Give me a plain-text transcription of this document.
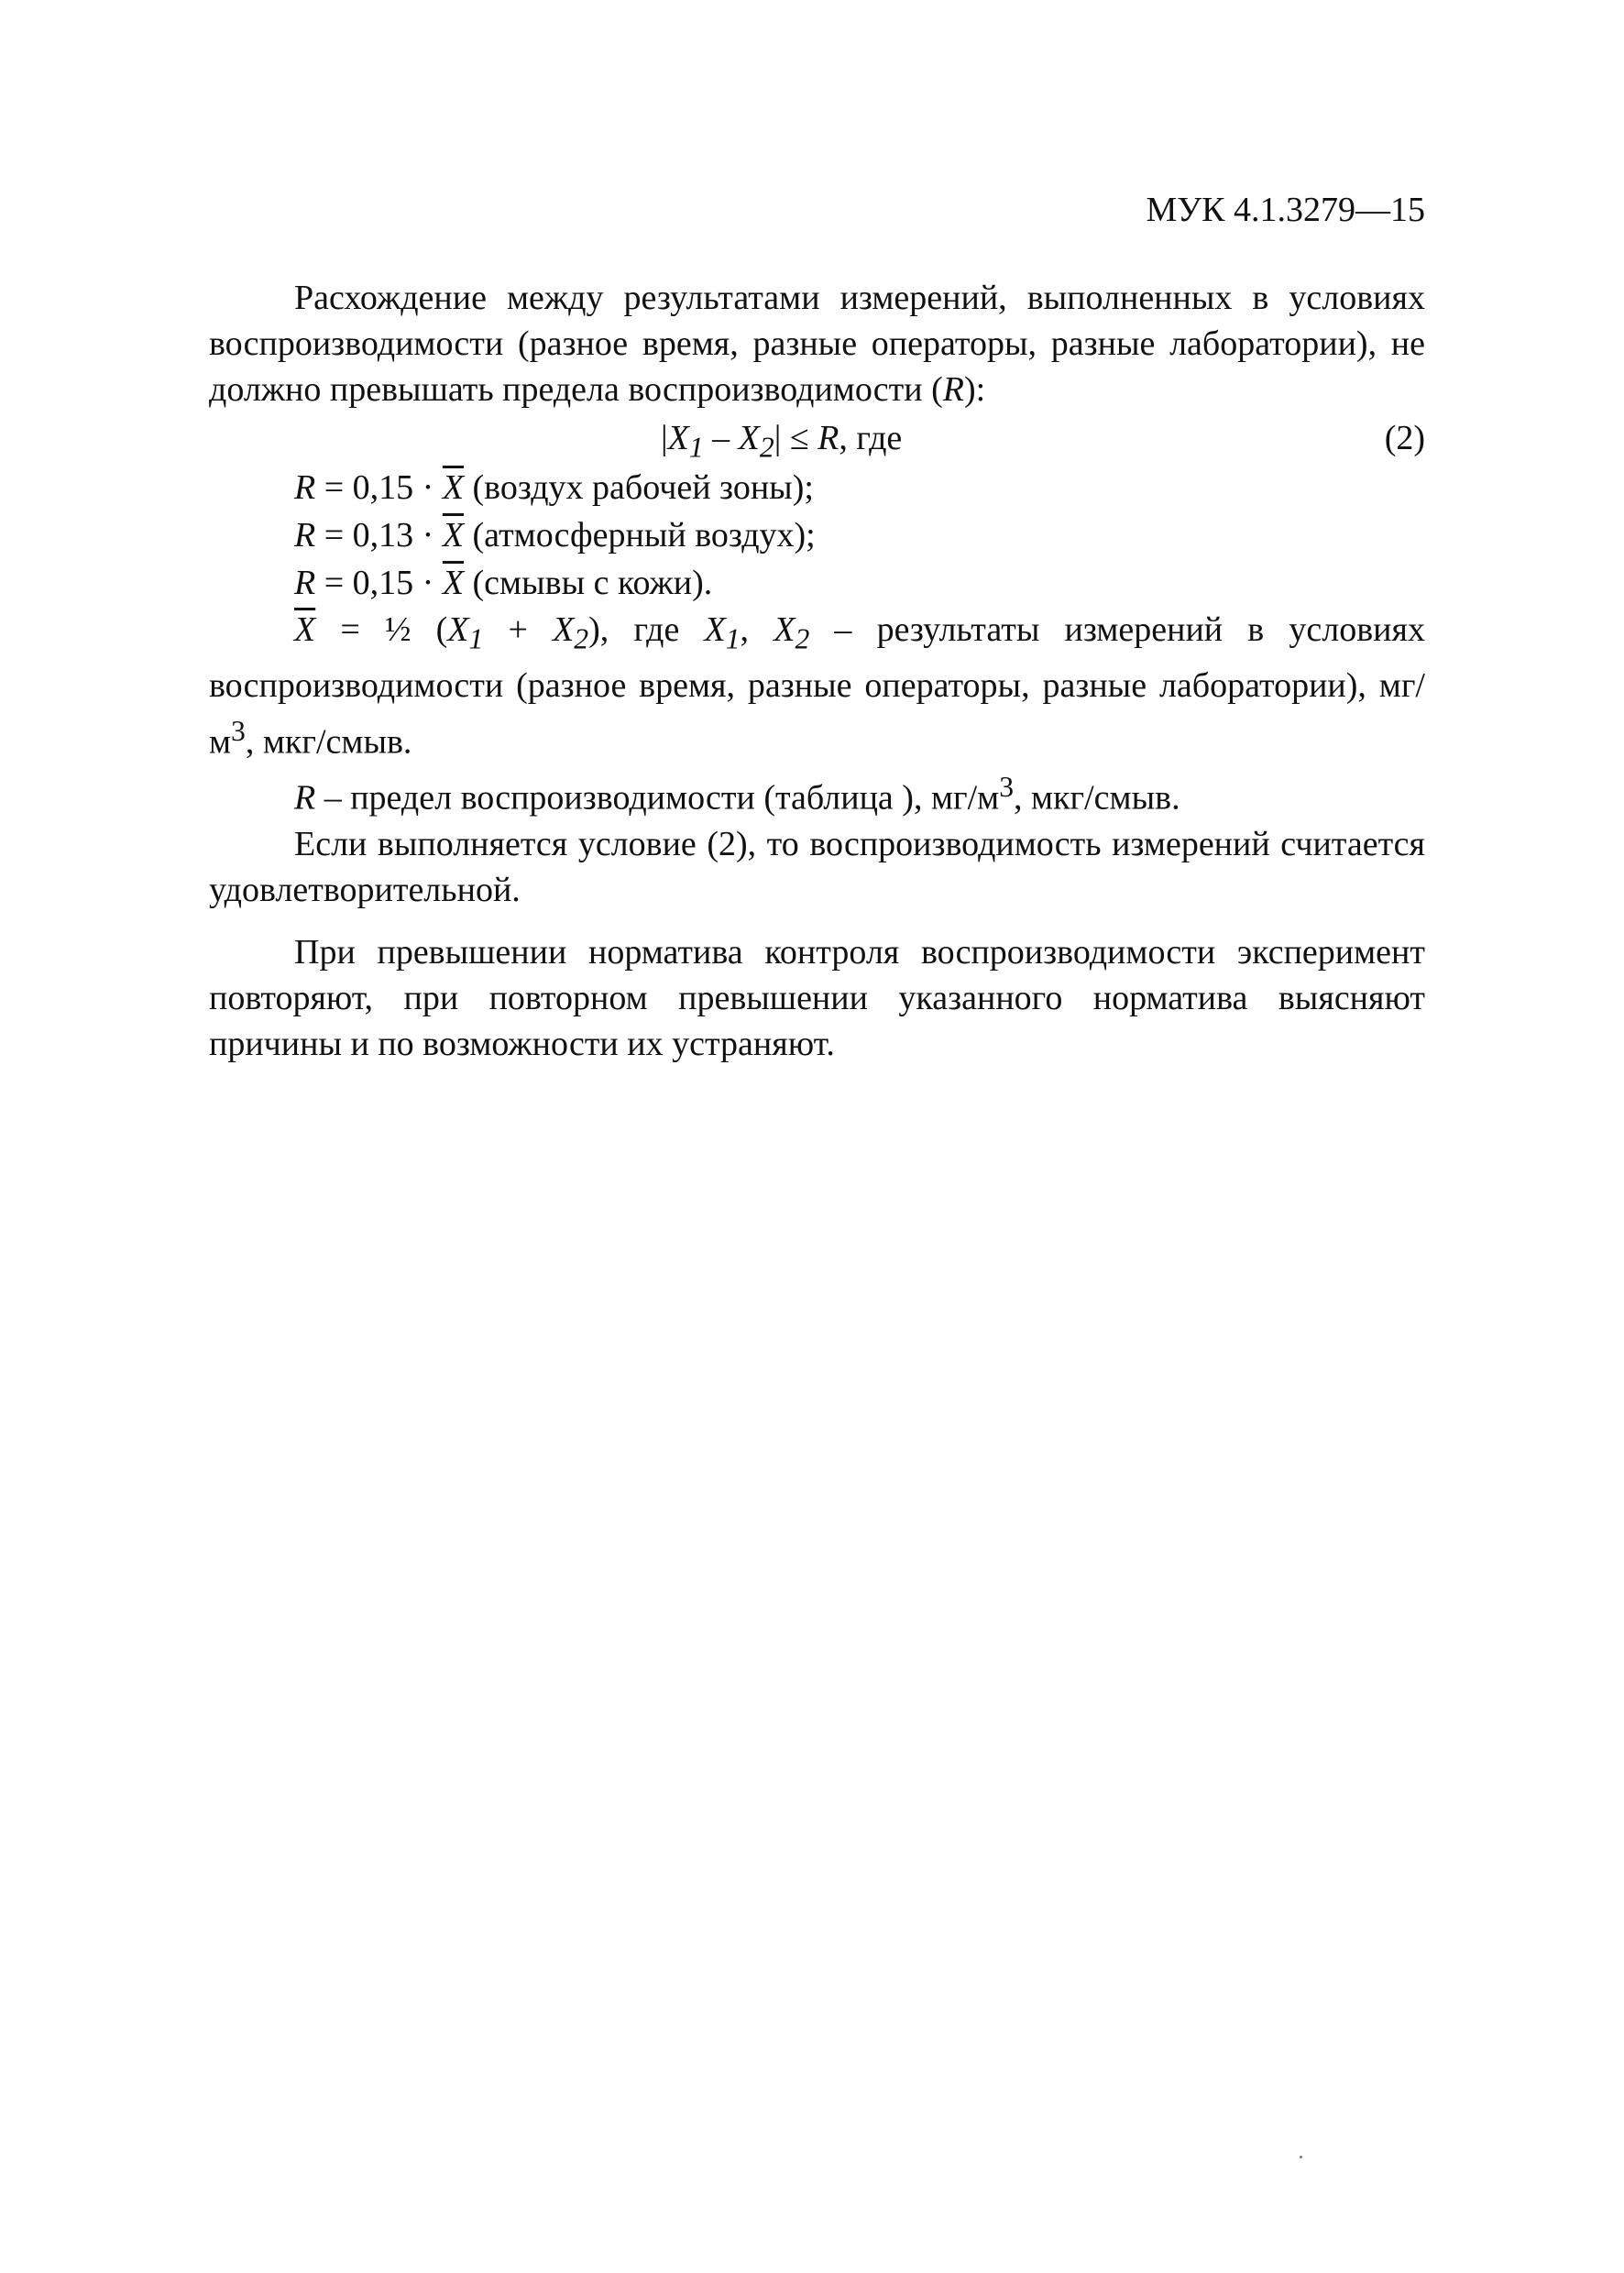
МУК 4.1.3279—15

Расхождение между результатами измерений, выполненных в условиях воспроизводимости (разное время, разные операторы, разные лаборатории), не должно превышать предела воспроизводимости (R):

$|X_1 - X_2| \le R$, где	(2)
$R = 0,15 \cdot \overline{X}$ (воздух рабочей зоны);
$R = 0,13 \cdot \overline{X}$ (атмосферный воздух);
$R = 0,15 \cdot \overline{X}$ (смывы с кожи).

$\overline{X}$ = ½ $(X_1 + X_2)$, где $X_1$, $X_2$ – результаты измерений в условиях воспроизводимости (разное время, разные операторы, разные лаборатории), $мг/м^3$, мкг/смыв.

R – предел воспроизводимости (таблица ), $мг/м^3$, мкг/смыв.

Если выполняется условие (2), то воспроизводимость измерений считается удовлетворительной.

При превышении норматива контроля воспроизводимости эксперимент повторяют, при повторном превышении указанного норматива выясняют причины и по возможности их устраняют.
